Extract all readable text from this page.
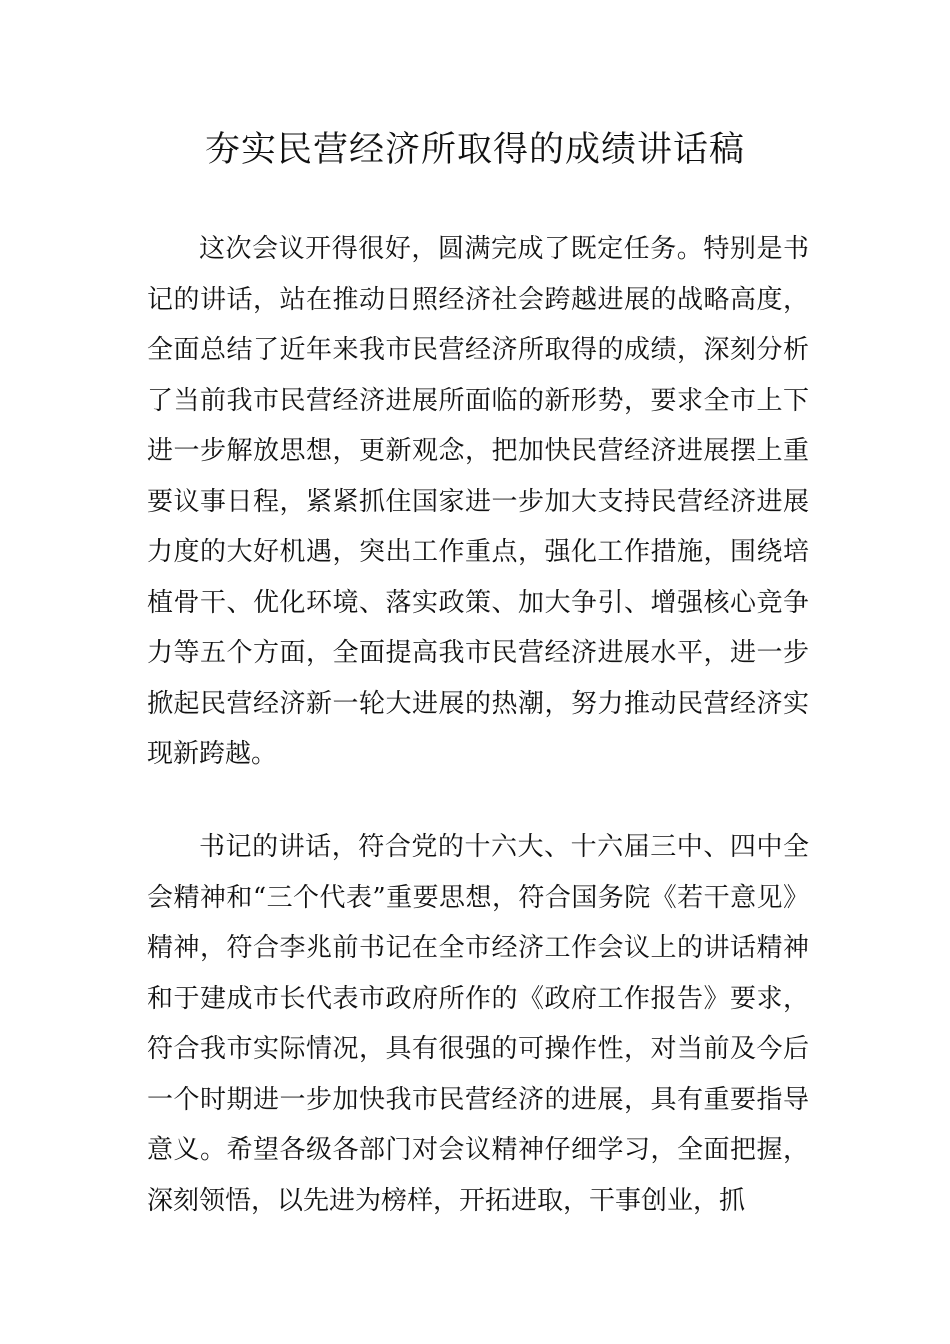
夯实民营经济所取得的成绩讲话稿

这次会议开得很好，圆满完成了既定任务。特别是书记的讲话，站在推动日照经济社会跨越进展的战略高度，全面总结了近年来我市民营经济所取得的成绩，深刻分析了当前我市民营经济进展所面临的新形势，要求全市上下进一步解放思想，更新观念，把加快民营经济进展摆上重要议事日程，紧紧抓住国家进一步加大支持民营经济进展力度的大好机遇，突出工作重点，强化工作措施，围绕培植骨干、优化环境、落实政策、加大争引、增强核心竞争力等五个方面，全面提高我市民营经济进展水平，进一步掀起民营经济新一轮大进展的热潮，努力推动民营经济实现新跨越。

书记的讲话，符合党的十六大、十六届三中、四中全会精神和“三个代表”重要思想，符合国务院《若干意见》精神，符合李兆前书记在全市经济工作会议上的讲话精神和于建成市长代表市政府所作的《政府工作报告》要求，符合我市实际情况，具有很强的可操作性，对当前及今后一个时期进一步加快我市民营经济的进展，具有重要指导意义。希望各级各部门对会议精神仔细学习，全面把握，深刻领悟，以先进为榜样，开拓进取，干事创业，抓
